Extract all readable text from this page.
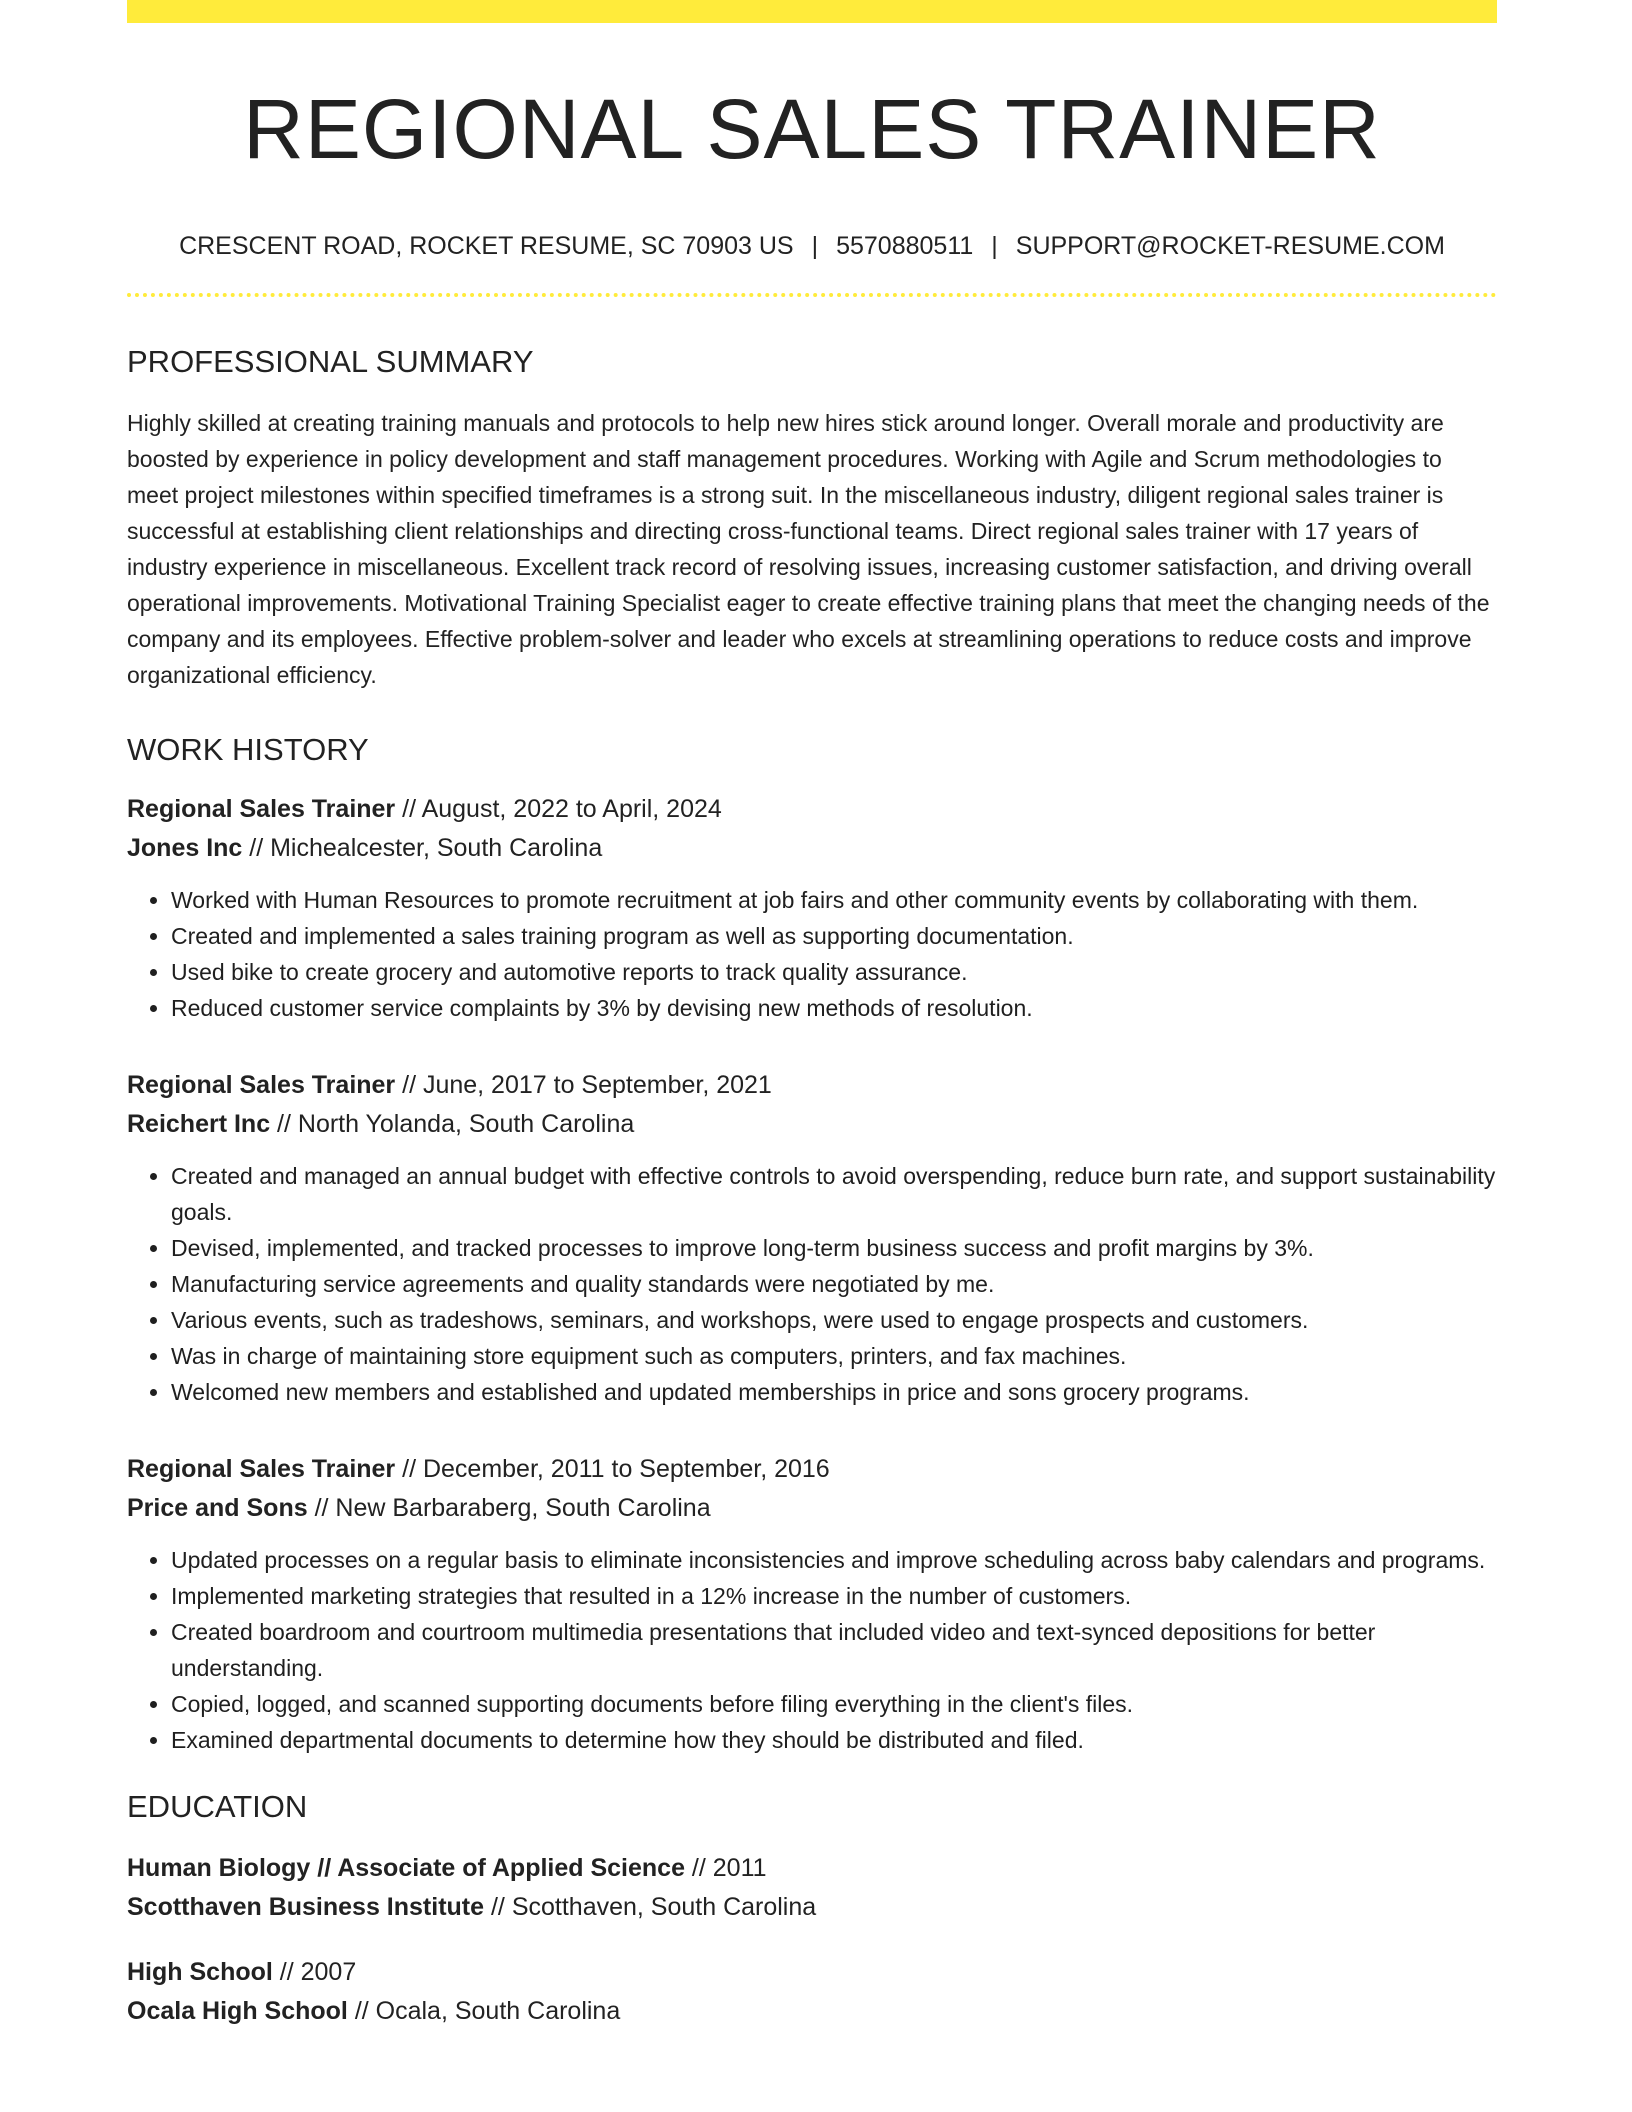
REGIONAL SALES TRAINER
CRESCENT ROAD, ROCKET RESUME, SC 70903 US | 5570880511 | SUPPORT@ROCKET-RESUME.COM
PROFESSIONAL SUMMARY

Highly skilled at creating training manuals and protocols to help new hires stick around longer. Overall morale and productivity are boosted by experience in policy development and staff management procedures. Working with Agile and Scrum methodologies to meet project milestones within specified timeframes is a strong suit. In the miscellaneous industry, diligent regional sales trainer is successful at establishing client relationships and directing cross-functional teams. Direct regional sales trainer with 17 years of industry experience in miscellaneous. Excellent track record of resolving issues, increasing customer satisfaction, and driving overall operational improvements. Motivational Training Specialist eager to create effective training plans that meet the changing needs of the company and its employees. Effective problem-solver and leader who excels at streamlining operations to reduce costs and improve organizational efficiency.

WORK HISTORY
Regional Sales Trainer // August, 2022 to April, 2024
Jones Inc // Michealcester, South Carolina
• Worked with Human Resources to promote recruitment at job fairs and other community events by collaborating with them.
• Created and implemented a sales training program as well as supporting documentation.
• Used bike to create grocery and automotive reports to track quality assurance.
• Reduced customer service complaints by 3% by devising new methods of resolution.
Regional Sales Trainer // June, 2017 to September, 2021
Reichert Inc // North Yolanda, South Carolina
• Created and managed an annual budget with effective controls to avoid overspending, reduce burn rate, and support sustainability goals.
• Devised, implemented, and tracked processes to improve long-term business success and profit margins by 3%.
• Manufacturing service agreements and quality standards were negotiated by me.
• Various events, such as tradeshows, seminars, and workshops, were used to engage prospects and customers.
• Was in charge of maintaining store equipment such as computers, printers, and fax machines.
• Welcomed new members and established and updated memberships in price and sons grocery programs.
Regional Sales Trainer // December, 2011 to September, 2016
Price and Sons // New Barbaraberg, South Carolina
• Updated processes on a regular basis to eliminate inconsistencies and improve scheduling across baby calendars and programs.
• Implemented marketing strategies that resulted in a 12% increase in the number of customers.
• Created boardroom and courtroom multimedia presentations that included video and text-synced depositions for better understanding.
• Copied, logged, and scanned supporting documents before filing everything in the client's files.
• Examined departmental documents to determine how they should be distributed and filed.
EDUCATION
Human Biology // Associate of Applied Science // 2011
Scotthaven Business Institute // Scotthaven, South Carolina
High School // 2007
Ocala High School // Ocala, South Carolina
